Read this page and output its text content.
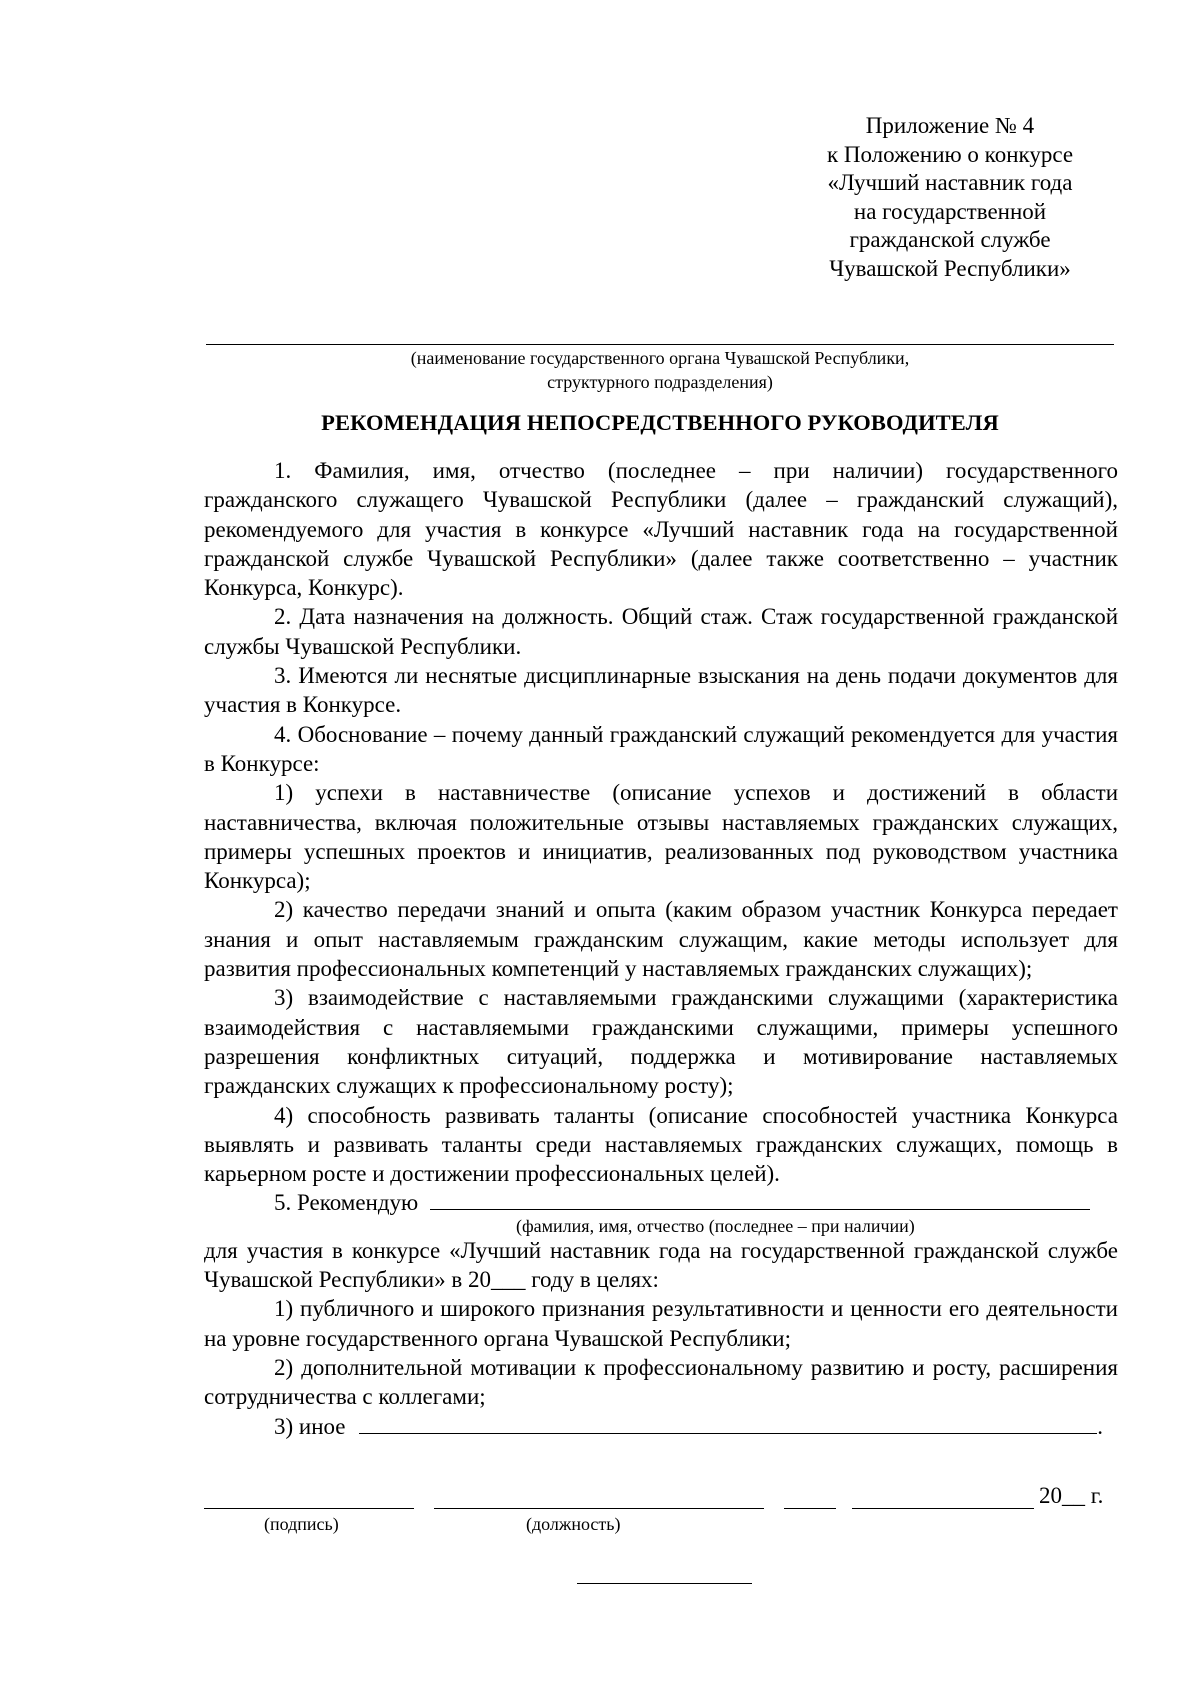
Приложение № 4
к Положению о конкурсе
«Лучший наставник года
на государственной
гражданской службе
Чувашской Республики»
(наименование государственного органа Чувашской Республики,
структурного подразделения)
РЕКОМЕНДАЦИЯ НЕПОСРЕДСТВЕННОГО РУКОВОДИТЕЛЯ

1. Фамилия, имя, отчество (последнее – при наличии) государственного гражданского служащего Чувашской Республики (далее – гражданский служащий), рекомендуемого для участия в конкурсе «Лучший наставник года на государственной гражданской службе Чувашской Республики» (далее также соответственно – участник Конкурса, Конкурс).

2. Дата назначения на должность. Общий стаж. Стаж государственной гражданской службы Чувашской Республики.

3. Имеются ли неснятые дисциплинарные взыскания на день подачи документов для участия в Конкурсе.

4. Обоснование – почему данный гражданский служащий рекомендуется для участия в Конкурсе:

1) успехи в наставничестве (описание успехов и достижений в области наставничества, включая положительные отзывы наставляемых гражданских служащих, примеры успешных проектов и инициатив, реализованных под руководством участника Конкурса);

2) качество передачи знаний и опыта (каким образом участник Конкурса передает знания и опыт наставляемым гражданским служащим, какие методы использует для развития профессиональных компетенций у наставляемых гражданских служащих);

3) взаимодействие с наставляемыми гражданскими служащими (характеристика взаимодействия с наставляемыми гражданскими служащими, примеры успешного разрешения конфликтных ситуаций, поддержка и мотивирование наставляемых гражданских служащих к профессиональному росту);

4) способность развивать таланты (описание способностей участника Конкурса выявлять и развивать таланты среди наставляемых гражданских служащих, помощь в карьерном росте и достижении профессиональных целей).

5. Рекомендую
(фамилия, имя, отчество (последнее – при наличии)

для участия в конкурсе «Лучший наставник года на государственной гражданской службе Чувашской Республики» в 20___ году в целях:

1) публичного и широкого признания результативности и ценности его деятельности на уровне государственного органа Чувашской Республики;

2) дополнительной мотивации к профессиональному развитию и росту, расширения сотрудничества с коллегами;

3) иное	.
20__ г.
(подпись)	(должность)
